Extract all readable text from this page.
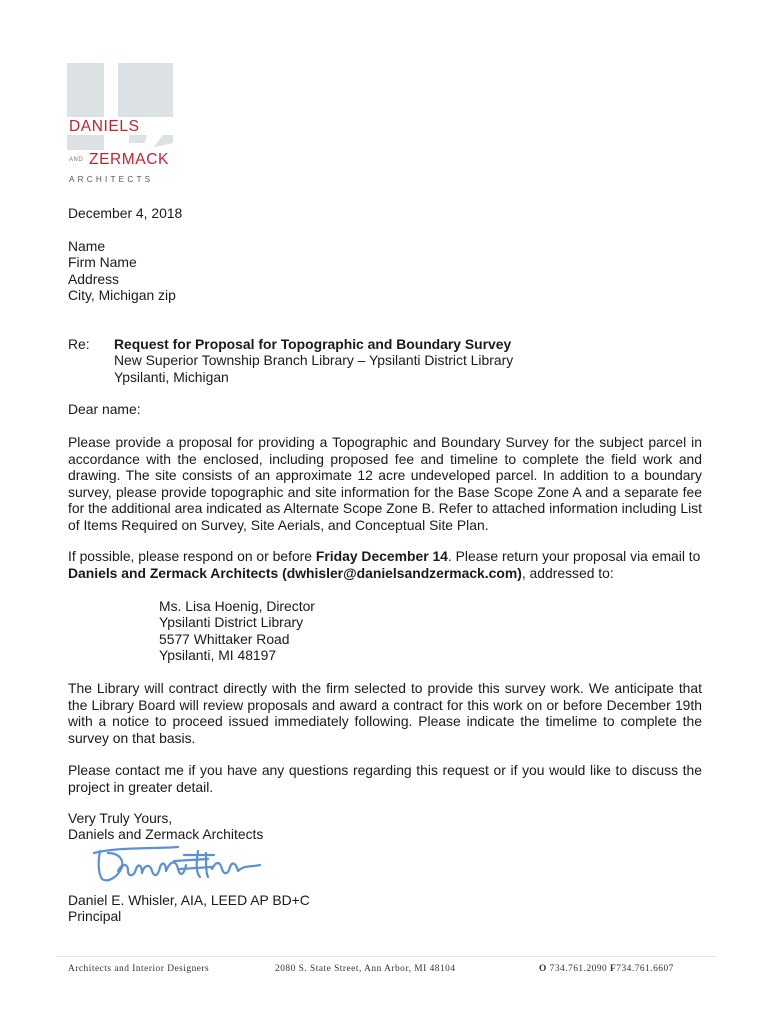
DANIELS
AND ZERMACK
ARCHITECTS
December 4, 2018
Name
Firm Name
Address
City, Michigan zip
Re: Request for Proposal for Topographic and Boundary Survey
New Superior Township Branch Library – Ypsilanti District Library
Ypsilanti, Michigan
Dear name:
Please provide a proposal for providing a Topographic and Boundary Survey for the subject parcel in accordance with the enclosed, including proposed fee and timeline to complete the field work and drawing. The site consists of an approximate 12 acre undeveloped parcel. In addition to a boundary survey, please provide topographic and site information for the Base Scope Zone A and a separate fee for the additional area indicated as Alternate Scope Zone B. Refer to attached information including List of Items Required on Survey, Site Aerials, and Conceptual Site Plan.
If possible, please respond on or before Friday December 14. Please return your proposal via email to
Daniels and Zermack Architects (dwhisler@danielsandzermack.com), addressed to:
Ms. Lisa Hoenig, Director
Ypsilanti District Library
5577 Whittaker Road
Ypsilanti, MI 48197
The Library will contract directly with the firm selected to provide this survey work. We anticipate that the Library Board will review proposals and award a contract for this work on or before December 19th with a notice to proceed issued immediately following. Please indicate the timelime to complete the survey on that basis.
Please contact me if you have any questions regarding this request or if you would like to discuss the project in greater detail.
Very Truly Yours,
Daniels and Zermack Architects
Daniel E. Whisler, AIA, LEED AP BD+C
Principal
Architects and Interior Designers	2080 S. State Street, Ann Arbor, MI 48104	O 734.761.2090 F734.761.6607
